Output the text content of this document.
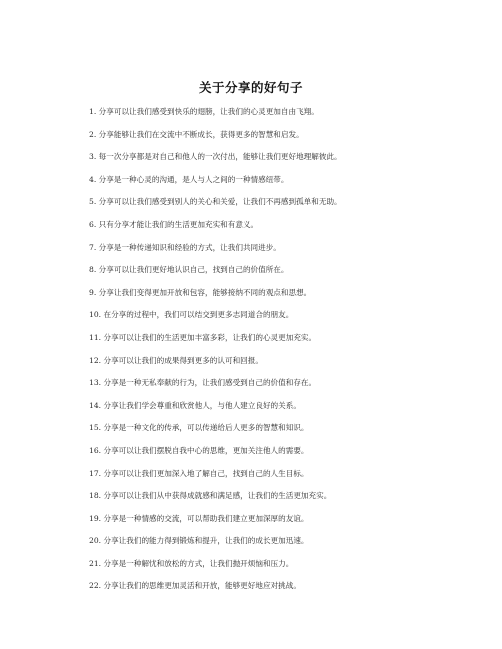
关于分享的好句子
1. 分享可以让我们感受到快乐的翅膀，让我们的心灵更加自由飞翔。
2. 分享能够让我们在交流中不断成长，获得更多的智慧和启发。
3. 每一次分享都是对自己和他人的一次付出，能够让我们更好地理解彼此。
4. 分享是一种心灵的沟通，是人与人之间的一种情感纽带。
5. 分享可以让我们感受到别人的关心和关爱，让我们不再感到孤单和无助。
6. 只有分享才能让我们的生活更加充实和有意义。
7. 分享是一种传递知识和经验的方式，让我们共同进步。
8. 分享可以让我们更好地认识自己，找到自己的价值所在。
9. 分享让我们变得更加开放和包容，能够接纳不同的观点和思想。
10. 在分享的过程中，我们可以结交到更多志同道合的朋友。
11. 分享可以让我们的生活更加丰富多彩，让我们的心灵更加充实。
12. 分享可以让我们的成果得到更多的认可和回报。
13. 分享是一种无私奉献的行为，让我们感受到自己的价值和存在。
14. 分享让我们学会尊重和欣赏他人，与他人建立良好的关系。
15. 分享是一种文化的传承，可以传递给后人更多的智慧和知识。
16. 分享可以让我们摆脱自我中心的思维，更加关注他人的需要。
17. 分享可以让我们更加深入地了解自己，找到自己的人生目标。
18. 分享可以让我们从中获得成就感和满足感，让我们的生活更加充实。
19. 分享是一种情感的交流，可以帮助我们建立更加深厚的友谊。
20. 分享让我们的能力得到锻炼和提升，让我们的成长更加迅速。
21. 分享是一种解忧和放松的方式，让我们抛开烦恼和压力。
22. 分享让我们的思维更加灵活和开放，能够更好地应对挑战。
